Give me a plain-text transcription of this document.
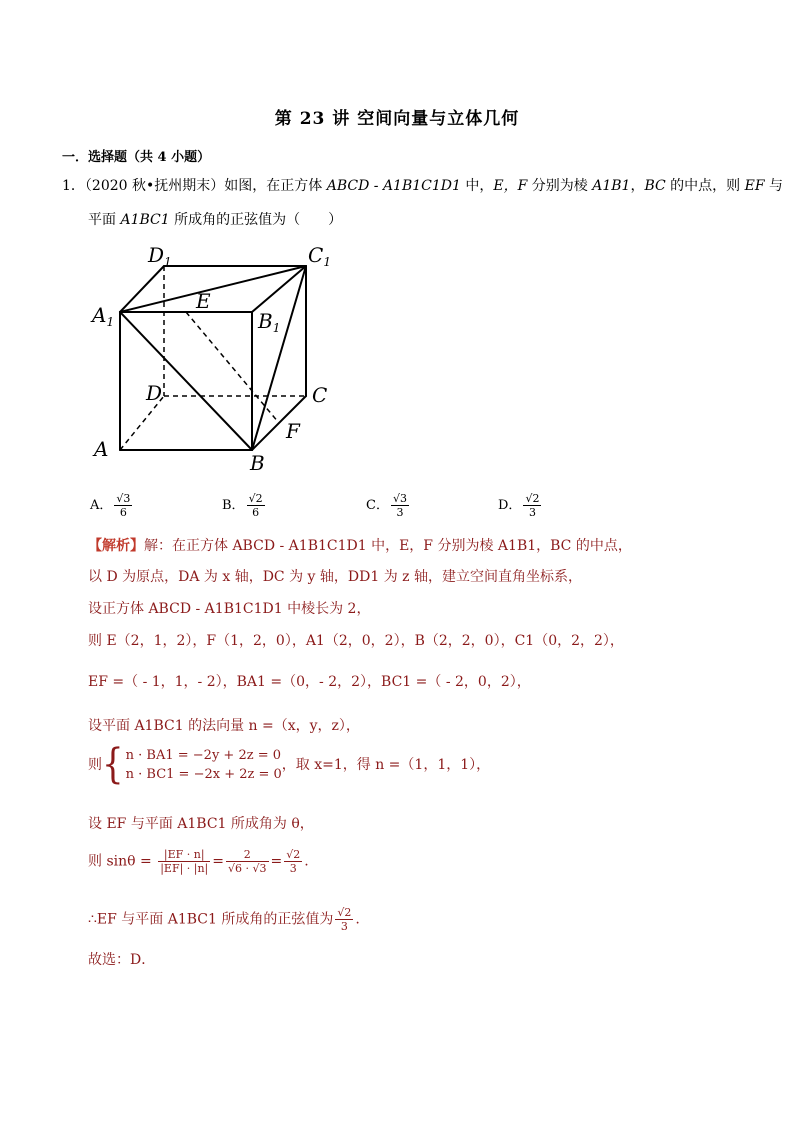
第 23 讲 空间向量与立体几何
一．选择题（共 4 小题）
1．（2020 秋•抚州期末）如图，在正方体 ABCD - A1B1C1D1 中，E，F 分别为棱 A1B1，BC 的中点，则 EF 与
平面 A1BC1 所成角的正弦值为（　　）
$D_1$	$C_1$
$A_1$	$B_1$
E
D	C
F
A
B
A． $\frac{√3}{6}$	B． $\frac{√2}{6}$	C． $\frac{√3}{3}$	D． $\frac{√2}{3}$
【解析】解：在正方体 ABCD - A1B1C1D1 中，E，F 分别为棱 A1B1，BC 的中点，
以 D 为原点，DA 为 x 轴，DC 为 y 轴，DD1 为 z 轴，建立空间直角坐标系，
设正方体 ABCD - A1B1C1D1 中棱长为 2，
则 E（2，1，2），F（1，2，0），A1（2，0，2），B（2，2，0），C1（0，2，2），
EF =（ - 1，1，- 2），BA1 =（0，- 2，2），BC1 =（ - 2，0，2），
设平面 A1BC1 的法向量 n =（x，y，z），
则{ n · BA1 = −2y + 2z = 0
n · BC1 = −2x + 2z = 0
，取 x=1，得 n =（1，1，1），
设 EF 与平面 A1BC1 所成角为 θ，
则 $\sin\theta = \frac{|EF \cdot n|}{|EF| \cdot |n|} = \frac{2}{√6 \cdot √3} = \frac{√2}{3}$ .
∴EF 与平面 A1BC1 所成角的正弦值为 $\frac{√2}{3}$ .
故选：D．
